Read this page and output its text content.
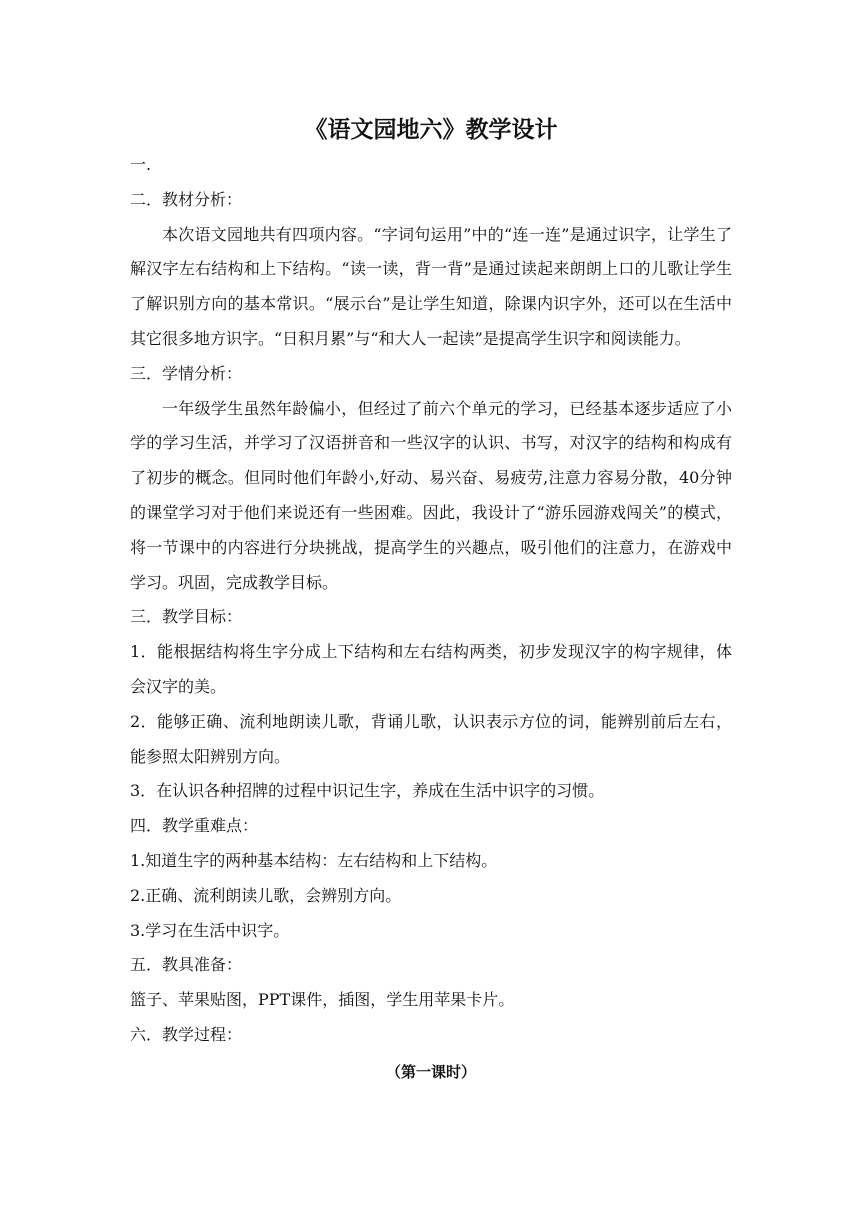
《语文园地六》教学设计
一.
二．教材分析：
本次语文园地共有四项内容。“字词句运用”中的“连一连”是通过识字，让学生了解汉字左右结构和上下结构。“读一读，背一背”是通过读起来朗朗上口的儿歌让学生了解识别方向的基本常识。“展示台”是让学生知道，除课内识字外，还可以在生活中其它很多地方识字。“日积月累”与“和大人一起读”是提高学生识字和阅读能力。
三．学情分析：
一年级学生虽然年龄偏小，但经过了前六个单元的学习，已经基本逐步适应了小学的学习生活，并学习了汉语拼音和一些汉字的认识、书写，对汉字的结构和构成有了初步的概念。但同时他们年龄小,好动、易兴奋、易疲劳,注意力容易分散，40分钟的课堂学习对于他们来说还有一些困难。因此，我设计了“游乐园游戏闯关”的模式，将一节课中的内容进行分块挑战，提高学生的兴趣点，吸引他们的注意力，在游戏中学习。巩固，完成教学目标。
三．教学目标：
1．能根据结构将生字分成上下结构和左右结构两类，初步发现汉字的构字规律，体会汉字的美。
2．能够正确、流利地朗读儿歌，背诵儿歌，认识表示方位的词，能辨别前后左右，能参照太阳辨别方向。
3．在认识各种招牌的过程中识记生字，养成在生活中识字的习惯。
四．教学重难点：
1.知道生字的两种基本结构：左右结构和上下结构。
2.正确、流利朗读儿歌，会辨别方向。
3.学习在生活中识字。
五．教具准备：
篮子、苹果贴图，PPT课件，插图，学生用苹果卡片。
六．教学过程：
（第一课时）
